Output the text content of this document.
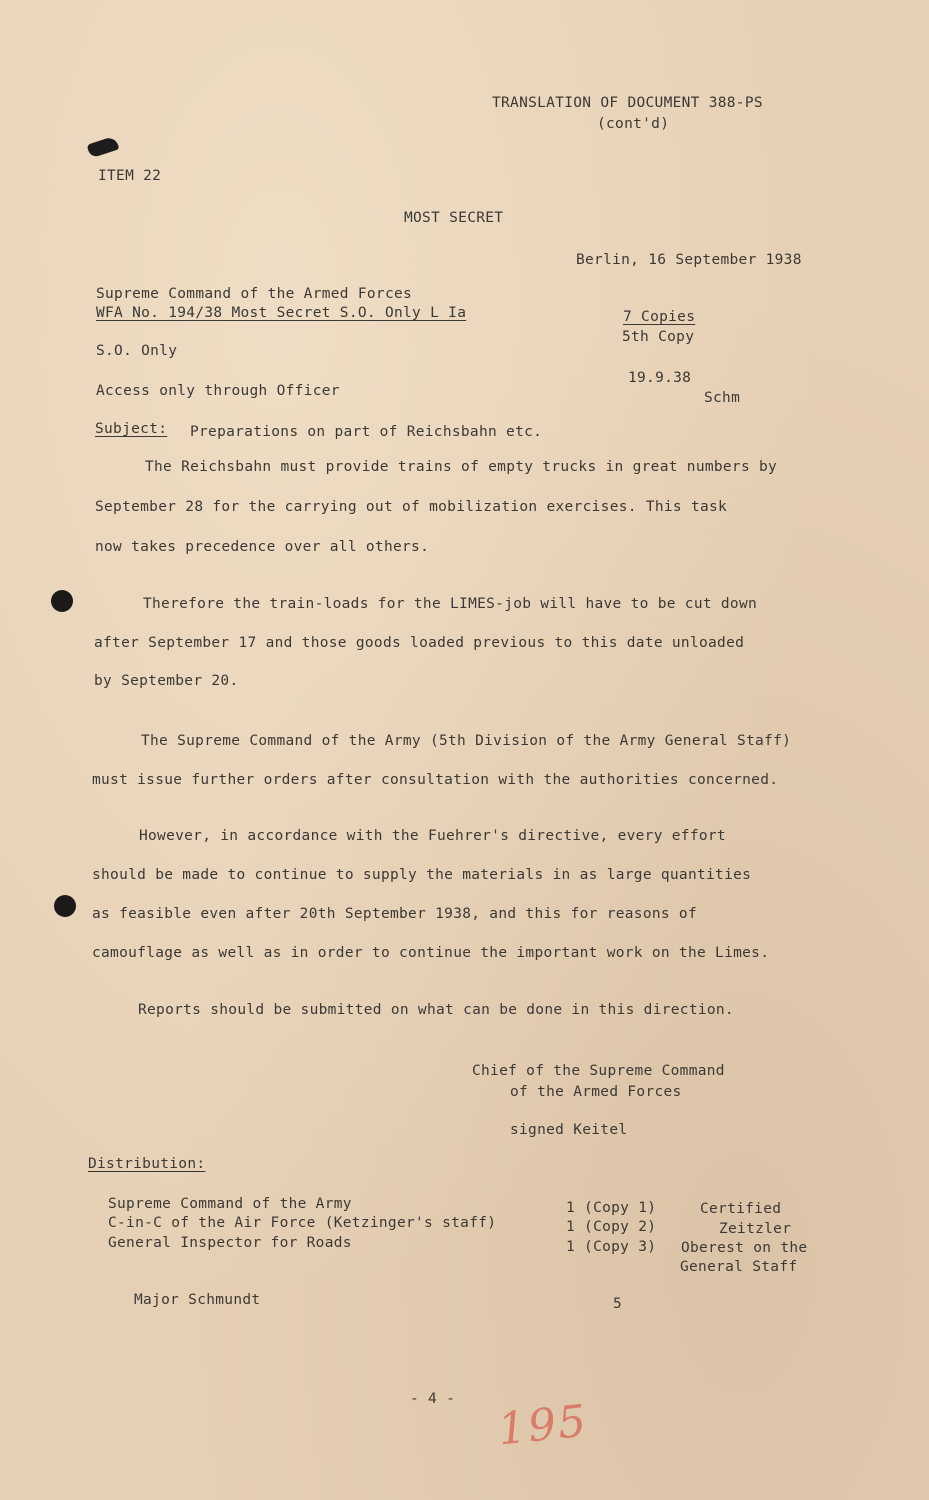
TRANSLATION OF DOCUMENT 388-PS
(cont'd)
ITEM 22
MOST SECRET
Berlin, 16 September 1938
Supreme Command of the Armed Forces
WFA No. 194/38 Most Secret S.O. Only L Ia
S.O. Only
Access only through Officer
7 Copies
5th Copy
19.9.38
Schm
Subject: Preparations on part of Reichsbahn etc.
The Reichsbahn must provide trains of empty trucks in great numbers by
September 28 for the carrying out of mobilization exercises. This task
now takes precedence over all others.
Therefore the train-loads for the LIMES-job will have to be cut down
after September 17 and those goods loaded previous to this date unloaded
by September 20.
The Supreme Command of the Army (5th Division of the Army General Staff)
must issue further orders after consultation with the authorities concerned.
However, in accordance with the Fuehrer's directive, every effort
should be made to continue to supply the materials in as large quantities
as feasible even after 20th September 1938, and this for reasons of
camouflage as well as in order to continue the important work on the Limes.
Reports should be submitted on what can be done in this direction.
Chief of the Supreme Command
of the Armed Forces
signed Keitel
Distribution:
Supreme Command of the Army
C-in-C of the Air Force (Ketzinger's staff)
General Inspector for Roads
1 (Copy 1)
1 (Copy 2)
1 (Copy 3)
Major Schmundt	5
Certified
Zeitzler
Oberest on the
General Staff
- 4 - 195
